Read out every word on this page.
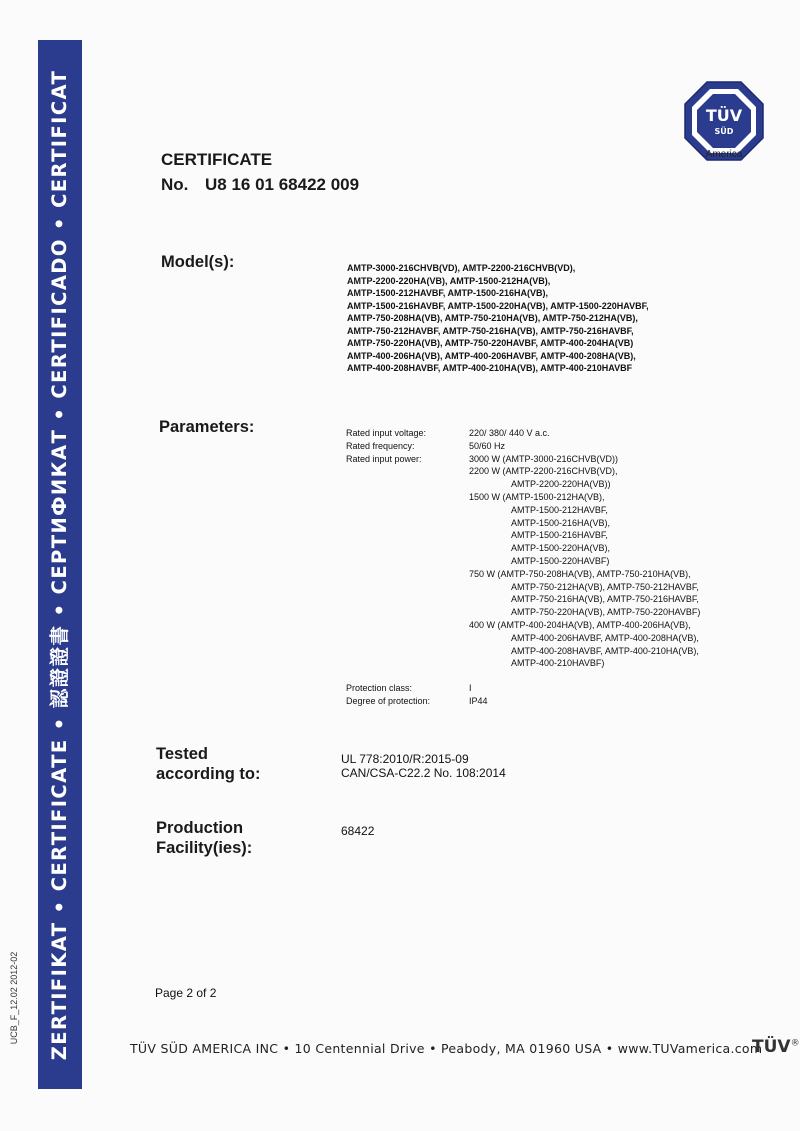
ZERTIFIKAT • CERTIFICATE • 認證證書 • СЕРТИФИКАТ • CERTIFICADO • CERTIFICAT
UCB_F_12.02 2012-02
TÜV
SÜD
America
CERTIFICATE
No. U8 16 01 68422 009
Model(s):	AMTP-3000-216CHVB(VD), AMTP-2200-216CHVB(VD),
AMTP-2200-220HA(VB), AMTP-1500-212HA(VB),
AMTP-1500-212HAVBF, AMTP-1500-216HA(VB),
AMTP-1500-216HAVBF, AMTP-1500-220HA(VB), AMTP-1500-220HAVBF,
AMTP-750-208HA(VB), AMTP-750-210HA(VB), AMTP-750-212HA(VB),
AMTP-750-212HAVBF, AMTP-750-216HA(VB), AMTP-750-216HAVBF,
AMTP-750-220HA(VB), AMTP-750-220HAVBF, AMTP-400-204HA(VB)
AMTP-400-206HA(VB), AMTP-400-206HAVBF, AMTP-400-208HA(VB),
AMTP-400-208HAVBF, AMTP-400-210HA(VB), AMTP-400-210HAVBF
Parameters:	Rated input voltage:	220/ 380/ 440 V a.c.
Rated frequency:	50/60 Hz
Rated input power:	3000 W (AMTP-3000-216CHVB(VD))
2200 W (AMTP-2200-216CHVB(VD),
AMTP-2200-220HA(VB))
1500 W (AMTP-1500-212HA(VB),
AMTP-1500-212HAVBF,
AMTP-1500-216HA(VB),
AMTP-1500-216HAVBF,
AMTP-1500-220HA(VB),
AMTP-1500-220HAVBF)
750 W (AMTP-750-208HA(VB), AMTP-750-210HA(VB),
AMTP-750-212HA(VB), AMTP-750-212HAVBF,
AMTP-750-216HA(VB), AMTP-750-216HAVBF,
AMTP-750-220HA(VB), AMTP-750-220HAVBF)
400 W (AMTP-400-204HA(VB), AMTP-400-206HA(VB),
AMTP-400-206HAVBF, AMTP-400-208HA(VB),
AMTP-400-208HAVBF, AMTP-400-210HA(VB),
AMTP-400-210HAVBF)
Protection class:	I
Degree of protection:	IP44
Tested
according to:
UL 778:2010/R:2015-09
CAN/CSA-C22.2 No. 108:2014
Production
Facility(ies):
68422
Page 2 of 2
TÜV SÜD AMERICA INC • 10 Centennial Drive • Peabody, MA 01960 USA • www.TUVamerica.com
TÜV®
